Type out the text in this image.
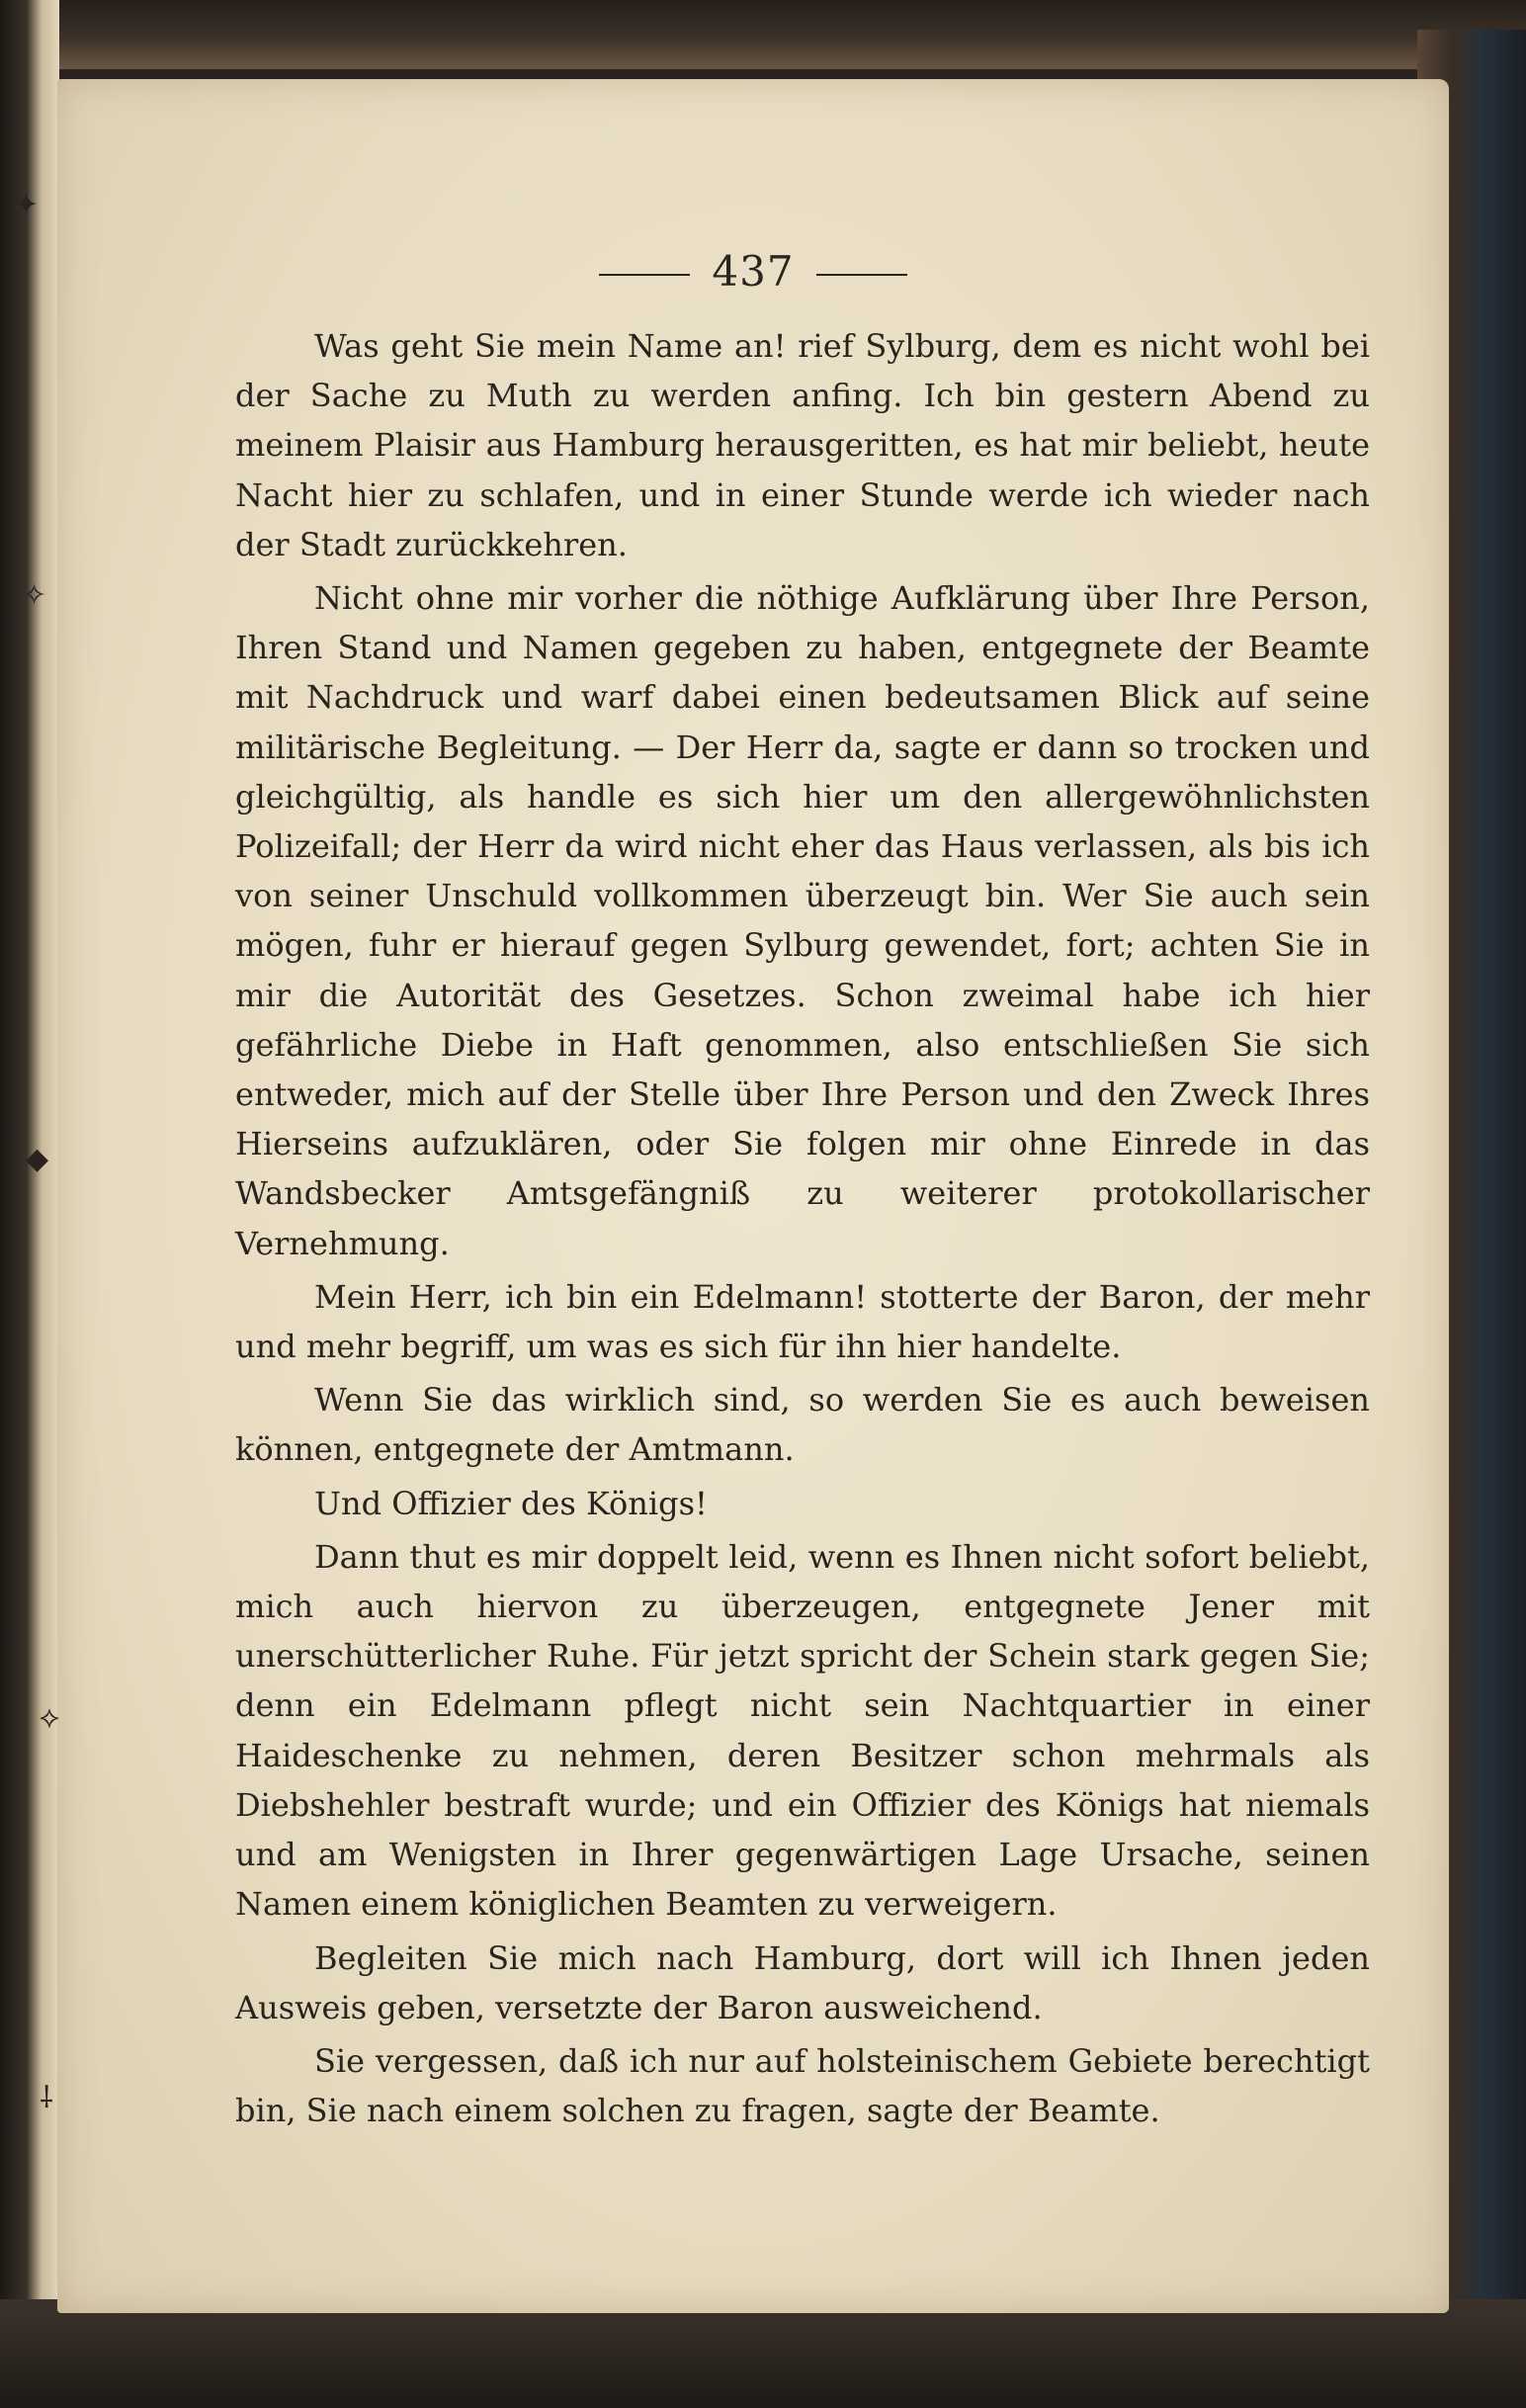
437

Was geht Sie mein Name an! rief Sylburg, dem es nicht wohl bei der Sache zu Muth zu werden anfing. Ich bin gestern Abend zu meinem Plaisir aus Hamburg herausgeritten, es hat mir beliebt, heute Nacht hier zu schlafen, und in einer Stunde werde ich wieder nach der Stadt zurückkehren.

Nicht ohne mir vorher die nöthige Aufklärung über Ihre Person, Ihren Stand und Namen gegeben zu haben, entgegnete der Beamte mit Nachdruck und warf dabei einen bedeutsamen Blick auf seine militärische Begleitung. — Der Herr da, sagte er dann so trocken und gleichgültig, als handle es sich hier um den allergewöhnlichsten Polizeifall; der Herr da wird nicht eher das Haus verlassen, als bis ich von seiner Unschuld vollkommen überzeugt bin. Wer Sie auch sein mögen, fuhr er hierauf gegen Sylburg gewendet, fort; achten Sie in mir die Autorität des Gesetzes. Schon zweimal habe ich hier gefährliche Diebe in Haft genommen, also entschließen Sie sich entweder, mich auf der Stelle über Ihre Person und den Zweck Ihres Hierseins aufzuklären, oder Sie folgen mir ohne Einrede in das Wandsbecker Amtsgefängniß zu weiterer protokollarischer Vernehmung.

Mein Herr, ich bin ein Edelmann! stotterte der Baron, der mehr und mehr begriff, um was es sich für ihn hier handelte.

Wenn Sie das wirklich sind, so werden Sie es auch beweisen können, entgegnete der Amtmann.

Und Offizier des Königs!

Dann thut es mir doppelt leid, wenn es Ihnen nicht sofort beliebt, mich auch hiervon zu überzeugen, entgegnete Jener mit unerschütterlicher Ruhe. Für jetzt spricht der Schein stark gegen Sie; denn ein Edelmann pflegt nicht sein Nachtquartier in einer Haideschenke zu nehmen, deren Besitzer schon mehrmals als Diebshehler bestraft wurde; und ein Offizier des Königs hat niemals und am Wenigsten in Ihrer gegenwärtigen Lage Ursache, seinen Namen einem königlichen Beamten zu verweigern.

Begleiten Sie mich nach Hamburg, dort will ich Ihnen jeden Ausweis geben, versetzte der Baron ausweichend.

Sie vergessen, daß ich nur auf holsteinischem Gebiete berechtigt bin, Sie nach einem solchen zu fragen, sagte der Beamte.

✦
✧
◆
⟡
⸸
